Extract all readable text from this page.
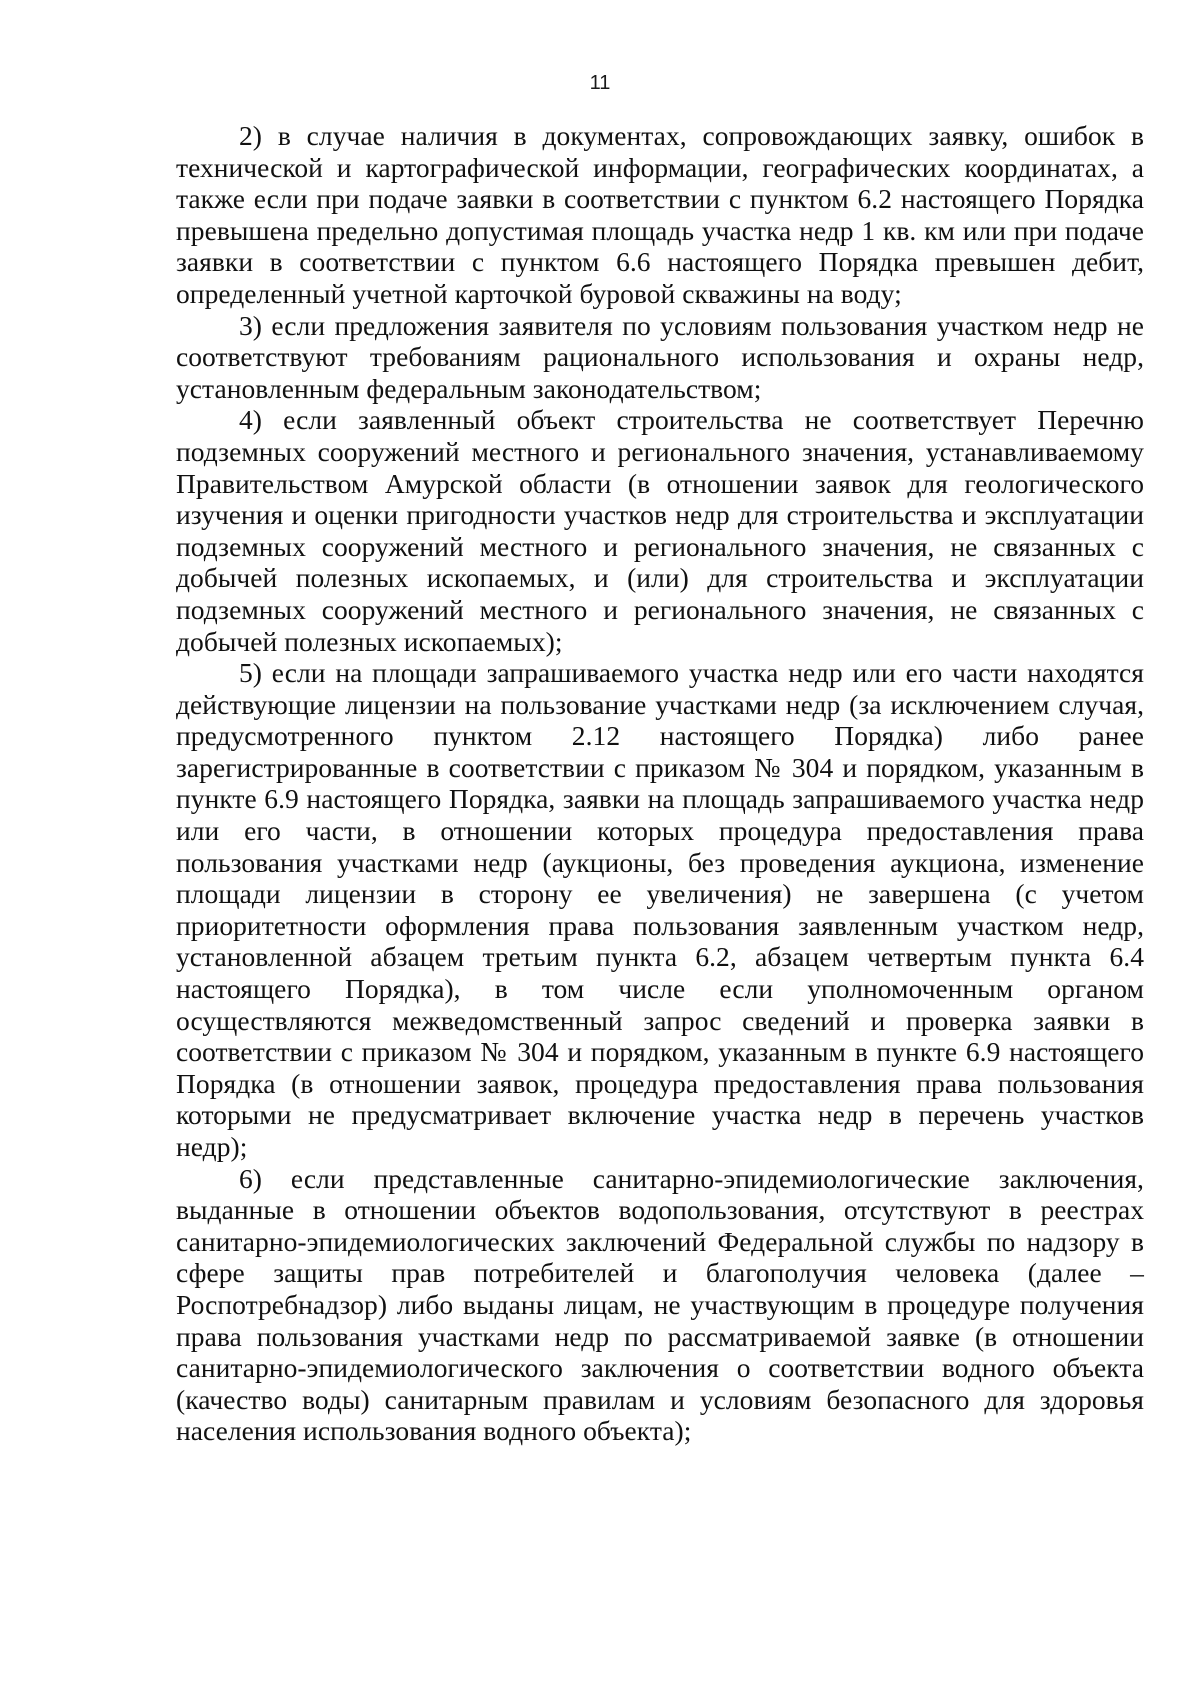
11

2) в случае наличия в документах, сопровождающих заявку, ошибок в технической и картографической информации, географических координатах, а также если при подаче заявки в соответствии с пунктом 6.2 настоящего Порядка превышена предельно допустимая площадь участка недр 1 кв. км или при подаче заявки в соответствии с пунктом 6.6 настоящего Порядка превышен дебит, определенный учетной карточкой буровой скважины на воду;

3) если предложения заявителя по условиям пользования участком недр не соответствуют требованиям рационального использования и охраны недр, установленным федеральным законодательством;

4) если заявленный объект строительства не соответствует Перечню подземных сооружений местного и регионального значения, устанавливаемому Правительством Амурской области (в отношении заявок для геологического изучения и оценки пригодности участков недр для строительства и эксплуатации подземных сооружений местного и регионального значения, не связанных с добычей полезных ископаемых, и (или) для строительства и эксплуатации подземных сооружений местного и регионального значения, не связанных с добычей полезных ископаемых);

5) если на площади запрашиваемого участка недр или его части находятся действующие лицензии на пользование участками недр (за исключением случая, предусмотренного пунктом 2.12 настоящего Порядка) либо ранее зарегистрированные в соответствии с приказом № 304 и порядком, указанным в пункте 6.9 настоящего Порядка, заявки на площадь запрашиваемого участка недр или его части, в отношении которых процедура предоставления права пользования участками недр (аукционы, без проведения аукциона, изменение площади лицензии в сторону ее увеличения) не завершена (с учетом приоритетности оформления права пользования заявленным участком недр, установленной абзацем третьим пункта 6.2, абзацем четвертым пункта 6.4 настоящего Порядка), в том числе если уполномоченным органом осуществляются межведомственный запрос сведений и проверка заявки в соответствии с приказом № 304 и порядком, указанным в пункте 6.9 настоящего Порядка (в отношении заявок, процедура предоставления права пользования которыми не предусматривает включение участка недр в перечень участков недр);

6) если представленные санитарно-эпидемиологические заключения, выданные в отношении объектов водопользования, отсутствуют в реестрах санитарно-эпидемиологических заключений Федеральной службы по надзору в сфере защиты прав потребителей и благополучия человека (далее – Роспотребнадзор) либо выданы лицам, не участвующим в процедуре получения права пользования участками недр по рассматриваемой заявке (в отношении санитарно-эпидемиологического заключения о соответствии водного объекта (качество воды) санитарным правилам и условиям безопасного для здоровья населения использования водного объекта);
